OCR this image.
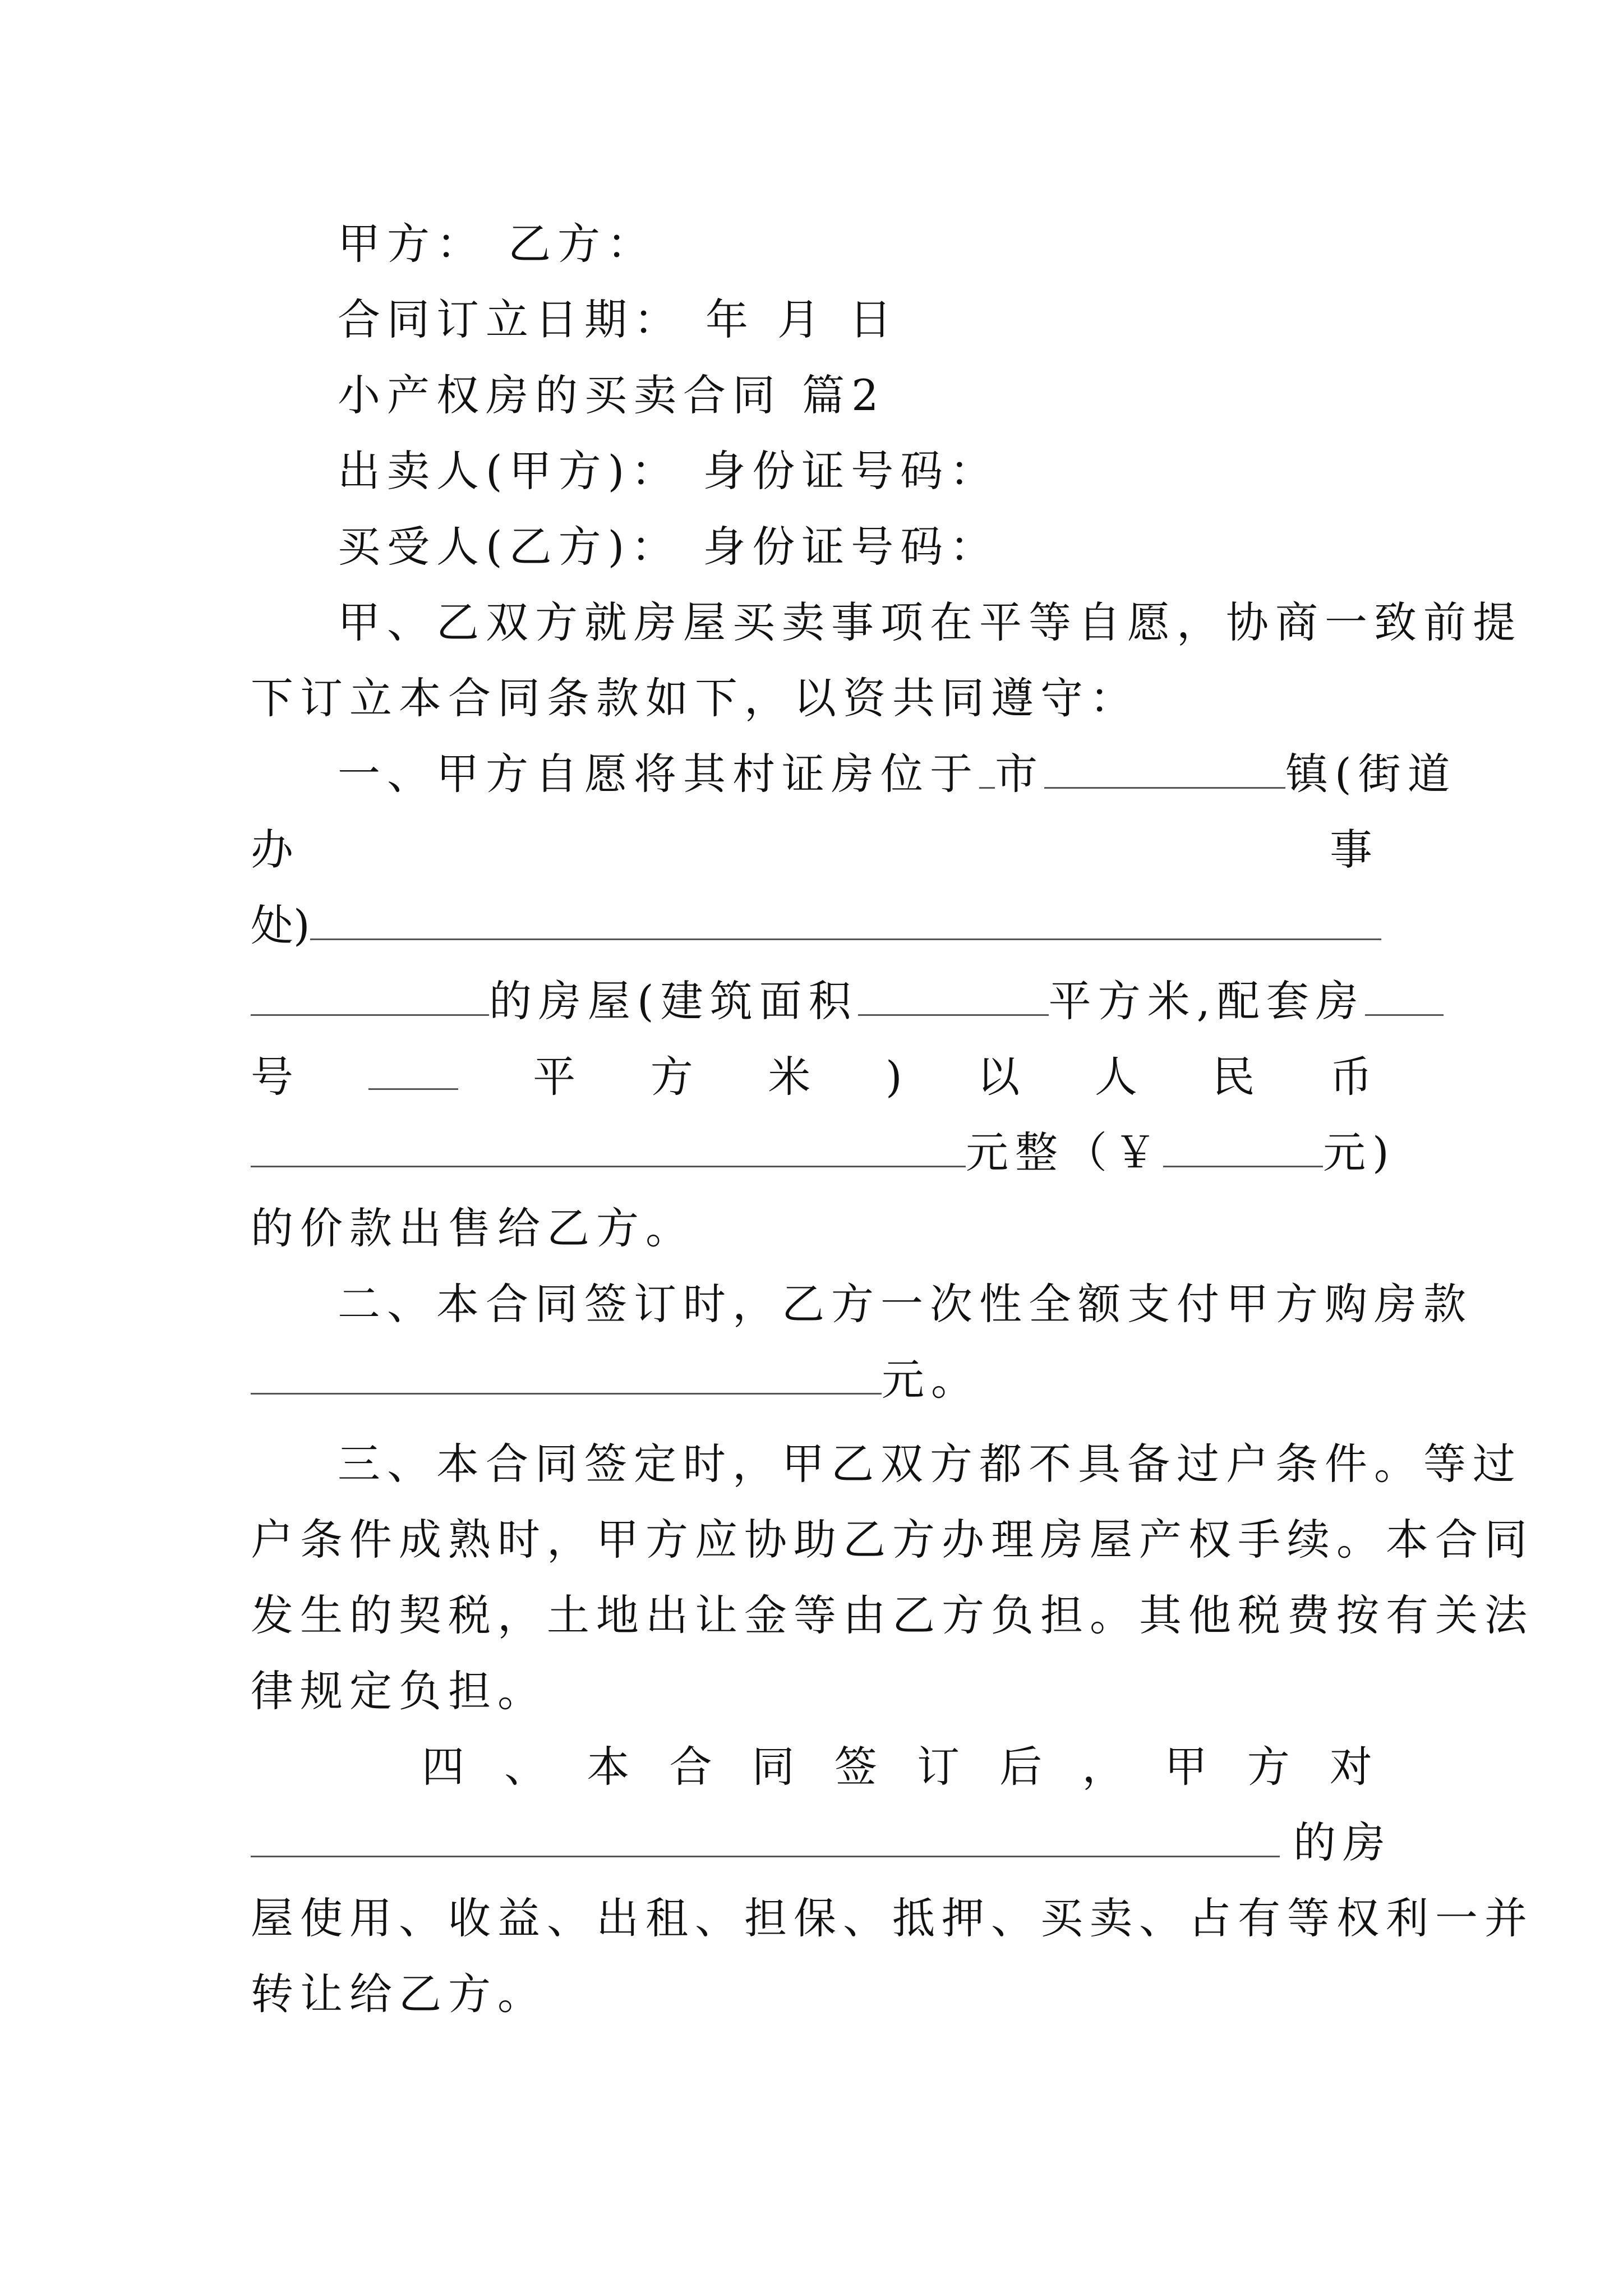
甲方： 乙方：
合同订立日期： 年 月 日
小产权房的买卖合同 篇2
出卖人(甲方)： 身份证号码：
买受人(乙方)： 身份证号码：
甲、乙双方就房屋买卖事项在平等自愿，协商一致前提
下订立本合同条款如下，以资共同遵守：
一、甲方自愿将其村证房位于 市	镇(街道
办	事
处)
的房屋(建筑面积	平方米,配套房
号	平 方 米 ) 以 人 民 币
元整（￥	元)
的价款出售给乙方。
二、本合同签订时，乙方一次性全额支付甲方购房款
元。
三、本合同签定时，甲乙双方都不具备过户条件。等过
户条件成熟时，甲方应协助乙方办理房屋产权手续。本合同
发生的契税，土地出让金等由乙方负担。其他税费按有关法
律规定负担。
四 、 本 合 同 签 订 后 ， 甲 方 对
的房
屋使用、收益、出租、担保、抵押、买卖、占有等权利一并
转让给乙方。
